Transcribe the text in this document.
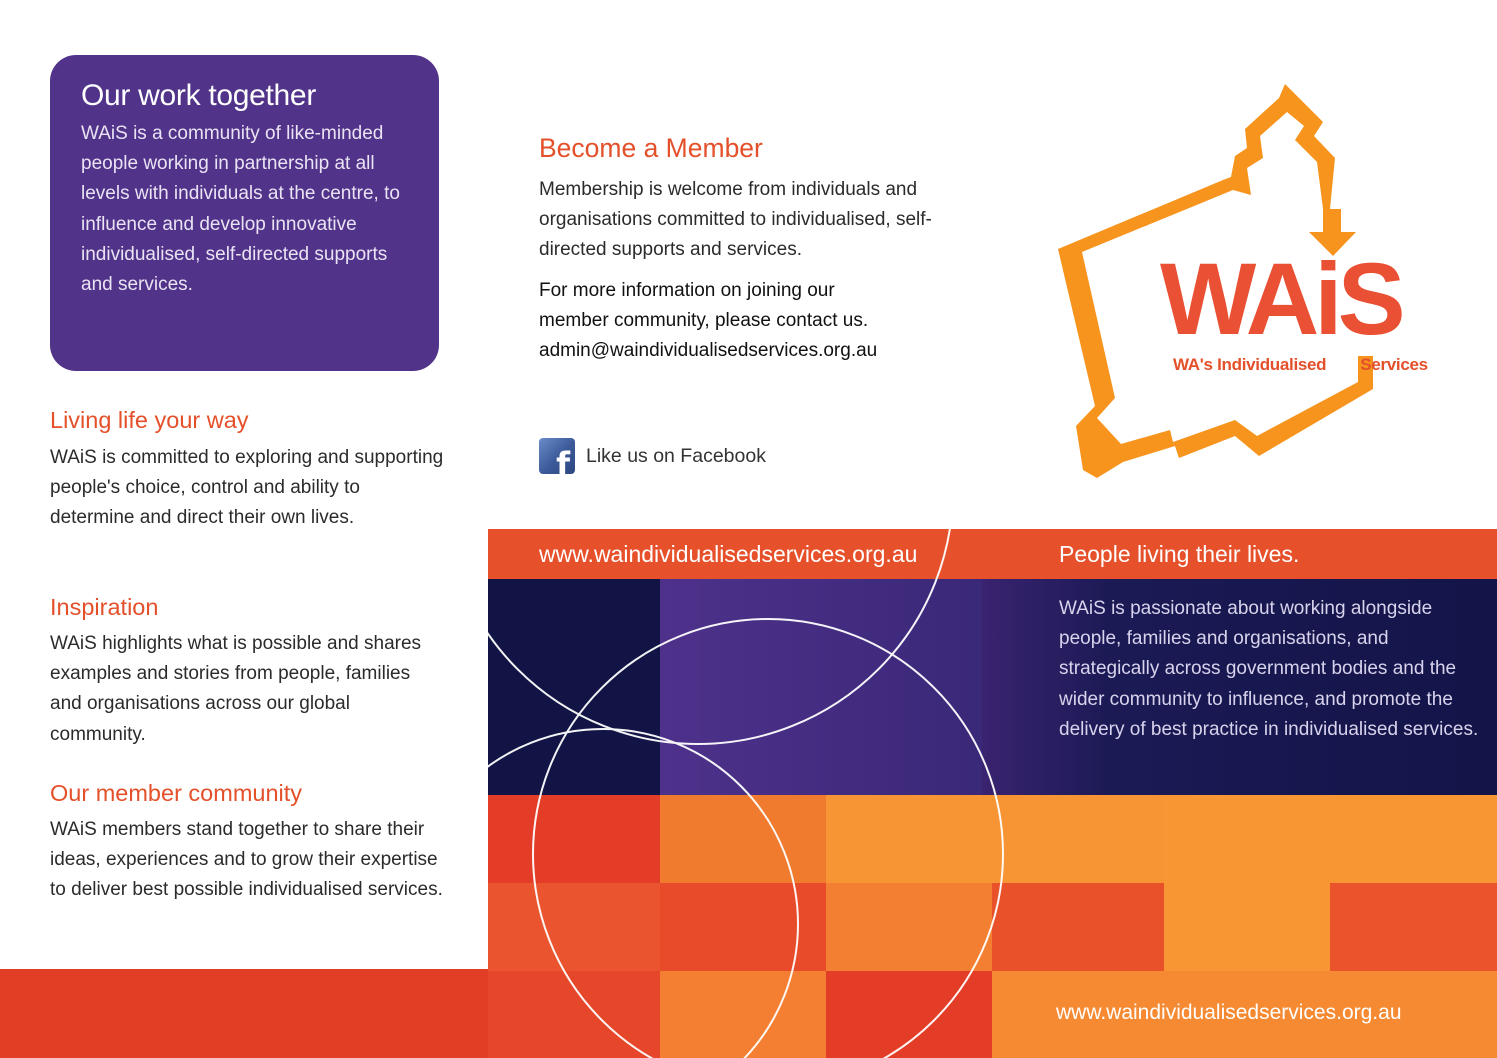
Our work together

WAiS is a community of like-minded people working in partnership at all levels with individuals at the centre, to influence and develop innovative individualised, self-directed supports and services.

Living life your way

WAiS is committed to exploring and supporting people's choice, control and ability to determine and direct their own lives.

Inspiration

WAiS highlights what is possible and shares examples and stories from people, families and organisations across our global community.

Our member community

WAiS members stand together to share their ideas, experiences and to grow their expertise to deliver best possible individualised services.

Become a Member

Membership is welcome from individuals and organisations committed to individualised, self-directed supports and services.

For more information on joining our
member community, please contact us.
admin@waindividualisedservices.org.au

f Like us on Facebook
WAiS
WA's Individualised Services
www.waindividualisedservices.org.au	People living their lives.

WAiS is passionate about working alongside people, families and organisations, and strategically across government bodies and the wider community to influence, and promote the delivery of best practice in individualised services.

www.waindividualisedservices.org.au
